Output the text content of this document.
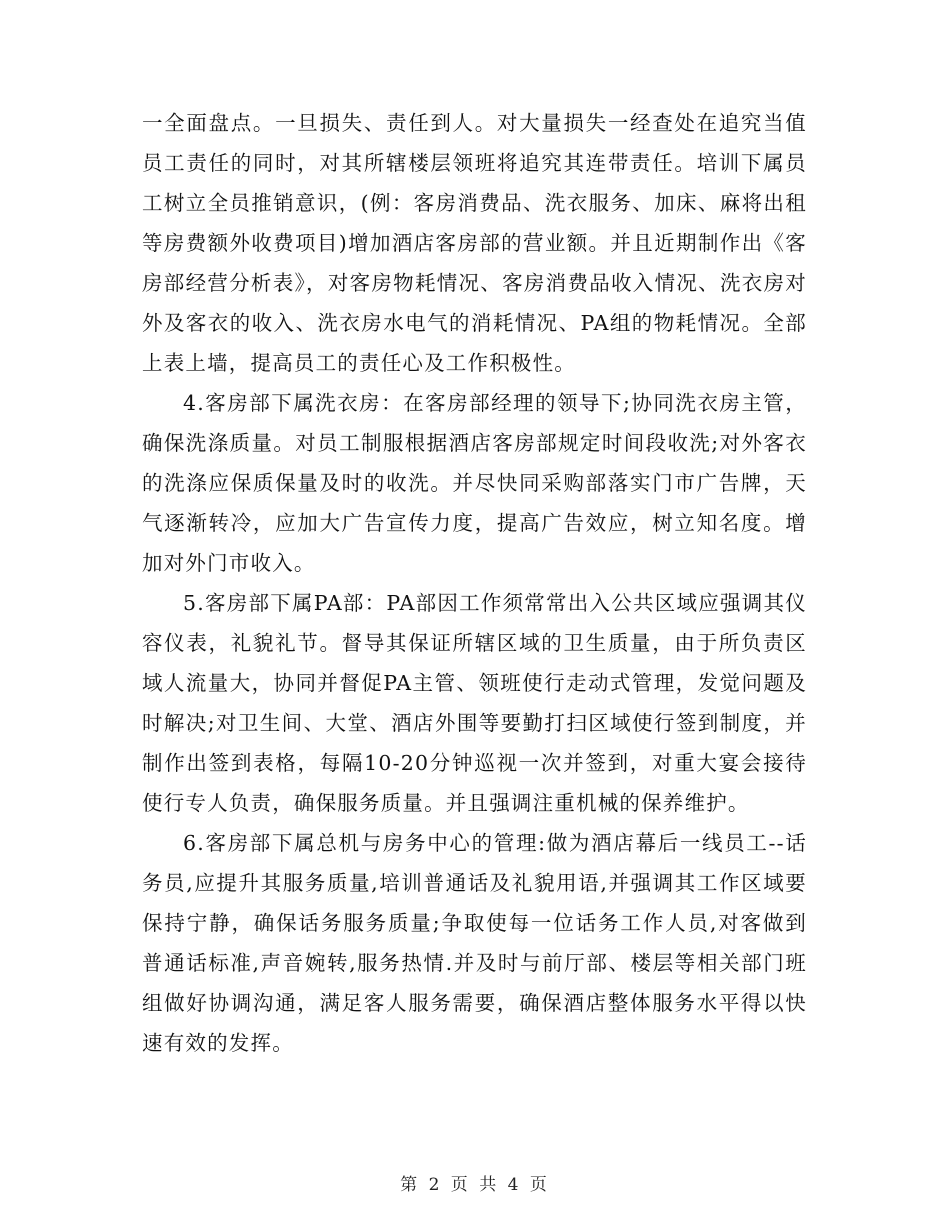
一全面盘点。一旦损失、责任到人。对大量损失一经查处在追究当值员工责任的同时，对其所辖楼层领班将追究其连带责任。培训下属员工树立全员推销意识，(例：客房消费品、洗衣服务、加床、麻将出租等房费额外收费项目)增加酒店客房部的营业额。并且近期制作出《客房部经营分析表》，对客房物耗情况、客房消费品收入情况、洗衣房对外及客衣的收入、洗衣房水电气的消耗情况、PA组的物耗情况。全部上表上墙，提高员工的责任心及工作积极性。

4.客房部下属洗衣房：在客房部经理的领导下;协同洗衣房主管，确保洗涤质量。对员工制服根据酒店客房部规定时间段收洗;对外客衣的洗涤应保质保量及时的收洗。并尽快同采购部落实门市广告牌，天气逐渐转冷，应加大广告宣传力度，提高广告效应，树立知名度。增加对外门市收入。

5.客房部下属PA部：PA部因工作须常常出入公共区域应强调其仪容仪表，礼貌礼节。督导其保证所辖区域的卫生质量，由于所负责区域人流量大，协同并督促PA主管、领班使行走动式管理，发觉问题及时解决;对卫生间、大堂、酒店外围等要勤打扫区域使行签到制度，并制作出签到表格，每隔10-20分钟巡视一次并签到，对重大宴会接待使行专人负责，确保服务质量。并且强调注重机械的保养维护。

6.客房部下属总机与房务中心的管理:做为酒店幕后一线员工--话务员,应提升其服务质量,培训普通话及礼貌用语,并强调其工作区域要保持宁静，确保话务服务质量;争取使每一位话务工作人员,对客做到普通话标准,声音婉转,服务热情.并及时与前厅部、楼层等相关部门班组做好协调沟通，满足客人服务需要，确保酒店整体服务水平得以快速有效的发挥。

第 2 页 共 4 页
